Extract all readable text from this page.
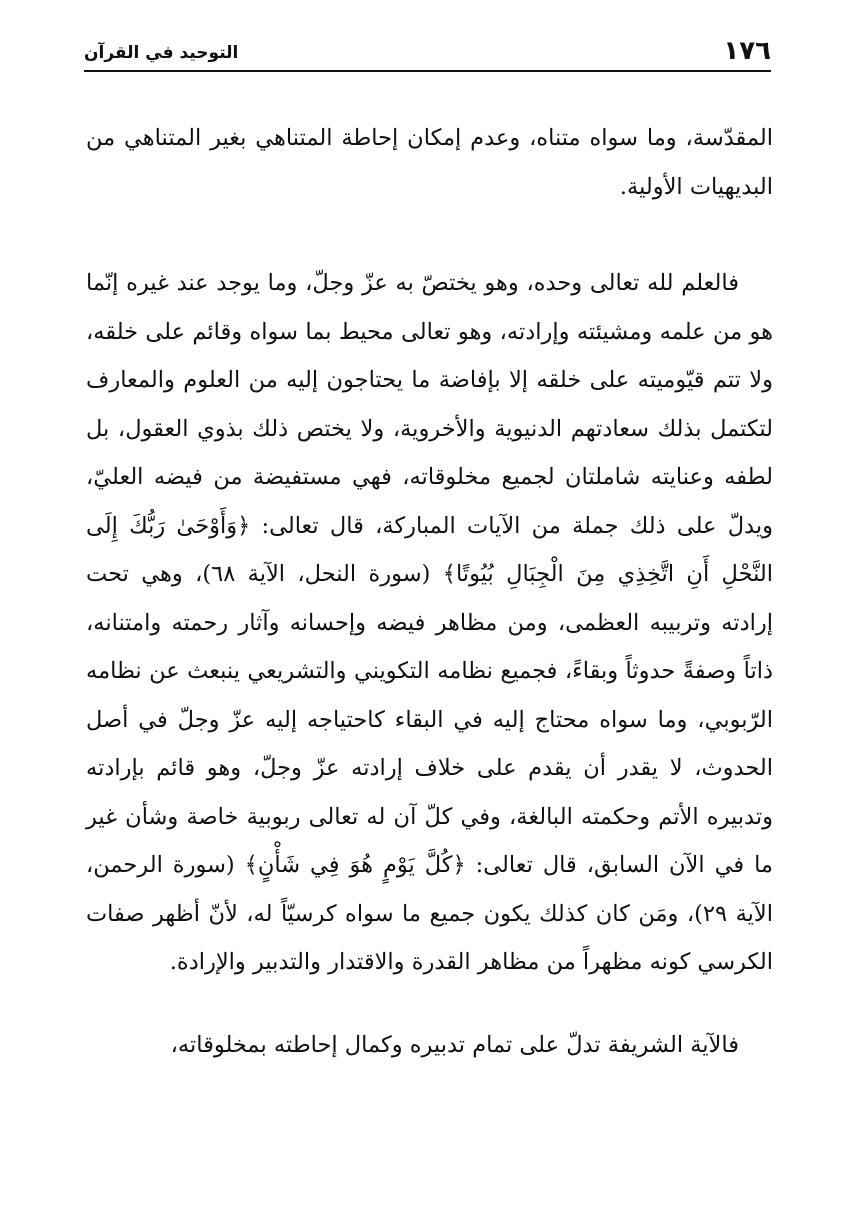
١٧٦
التوحيد في القرآن

المقدّسة، وما سواه متناه، وعدم إمكان إحاطة المتناهي بغير المتناهي من البديهيات الأولية.

فالعلم لله تعالى وحده، وهو يختصّ به عزّ وجلّ، وما يوجد عند غيره إنّما هو من علمه ومشيئته وإرادته، وهو تعالى محيط بما سواه وقائم على خلقه، ولا تتم قيّوميته على خلقه إلا بإفاضة ما يحتاجون إليه من العلوم والمعارف لتكتمل بذلك سعادتهم الدنيوية والأخروية، ولا يختص ذلك بذوي العقول، بل لطفه وعنايته شاملتان لجميع مخلوقاته، فهي مستفيضة من فيضه العليّ، ويدلّ على ذلك جملة من الآيات المباركة، قال تعالى: ﴿وَأَوْحَىٰ رَبُّكَ إِلَى النَّحْلِ أَنِ اتَّخِذِي مِنَ الْجِبَالِ بُيُوتًا﴾ (سورة النحل، الآية ٦٨)، وهي تحت إرادته وتربيبه العظمى، ومن مظاهر فيضه وإحسانه وآثار رحمته وامتنانه، ذاتاً وصفةً حدوثاً وبقاءً، فجميع نظامه التكويني والتشريعي ينبعث عن نظامه الرّبوبي، وما سواه محتاج إليه في البقاء كاحتياجه إليه عزّ وجلّ في أصل الحدوث، لا يقدر أن يقدم على خلاف إرادته عزّ وجلّ، وهو قائم بإرادته وتدبيره الأتم وحكمته البالغة، وفي كلّ آن له تعالى ربوبية خاصة وشأن غير ما في الآن السابق، قال تعالى: ﴿كُلَّ يَوْمٍ هُوَ فِي شَأْنٍ﴾ (سورة الرحمن، الآية ٢٩)، ومَن كان كذلك يكون جميع ما سواه كرسيّاً له، لأنّ أظهر صفات الكرسي كونه مظهراً من مظاهر القدرة والاقتدار والتدبير والإرادة.

فالآية الشريفة تدلّ على تمام تدبيره وكمال إحاطته بمخلوقاته،
